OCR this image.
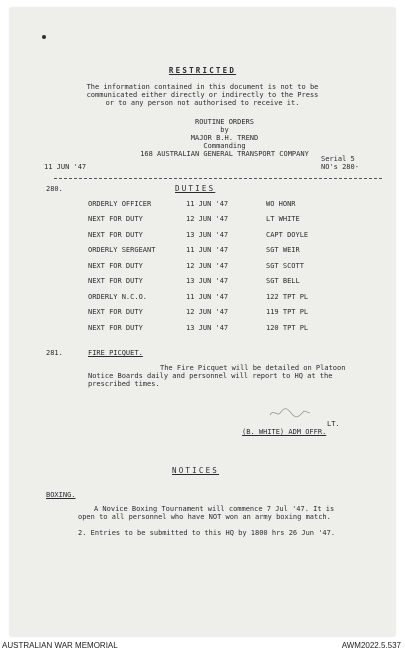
RESTRICTED
The information contained in this document is not to be
communicated either directly or indirectly to the Press
or to any person not authorised to receive it.
ROUTINE ORDERS
by
MAJOR B.H. TREND
Commanding
168 AUSTRALIAN GENERAL TRANSPORT COMPANY
11 JUN '47
Serial 5
NO's 280-
280.	DUTIES
ORDERLY OFFICER	11 JUN '47	WO HONR
NEXT FOR DUTY	12 JUN '47	LT WHITE
NEXT FOR DUTY	13 JUN '47	CAPT DOYLE
ORDERLY SERGEANT	11 JUN '47	SGT WEIR
NEXT FOR DUTY	12 JUN '47	SGT SCOTT
NEXT FOR DUTY	13 JUN '47	SGT BELL
ORDERLY N.C.O.	11 JUN '47	122 TPT PL
NEXT FOR DUTY	12 JUN '47	119 TPT PL
NEXT FOR DUTY	13 JUN '47	120 TPT PL
281.	FIRE PICQUET.
The Fire Picquet will be detailed on Platoon
Notice Boards daily and personnel will report to HQ at the
prescribed times.
LT.
(B. WHITE) ADM OFFR.
NOTICES
BOXING.
A Novice Boxing Tournament will commence 7 Jul '47. It is
open to all personnel who have NOT won an army boxing match.
2. Entries to be submitted to this HQ by 1800 hrs 26 Jun '47.
AUSTRALIAN WAR MEMORIAL	AWM2022.5.537
